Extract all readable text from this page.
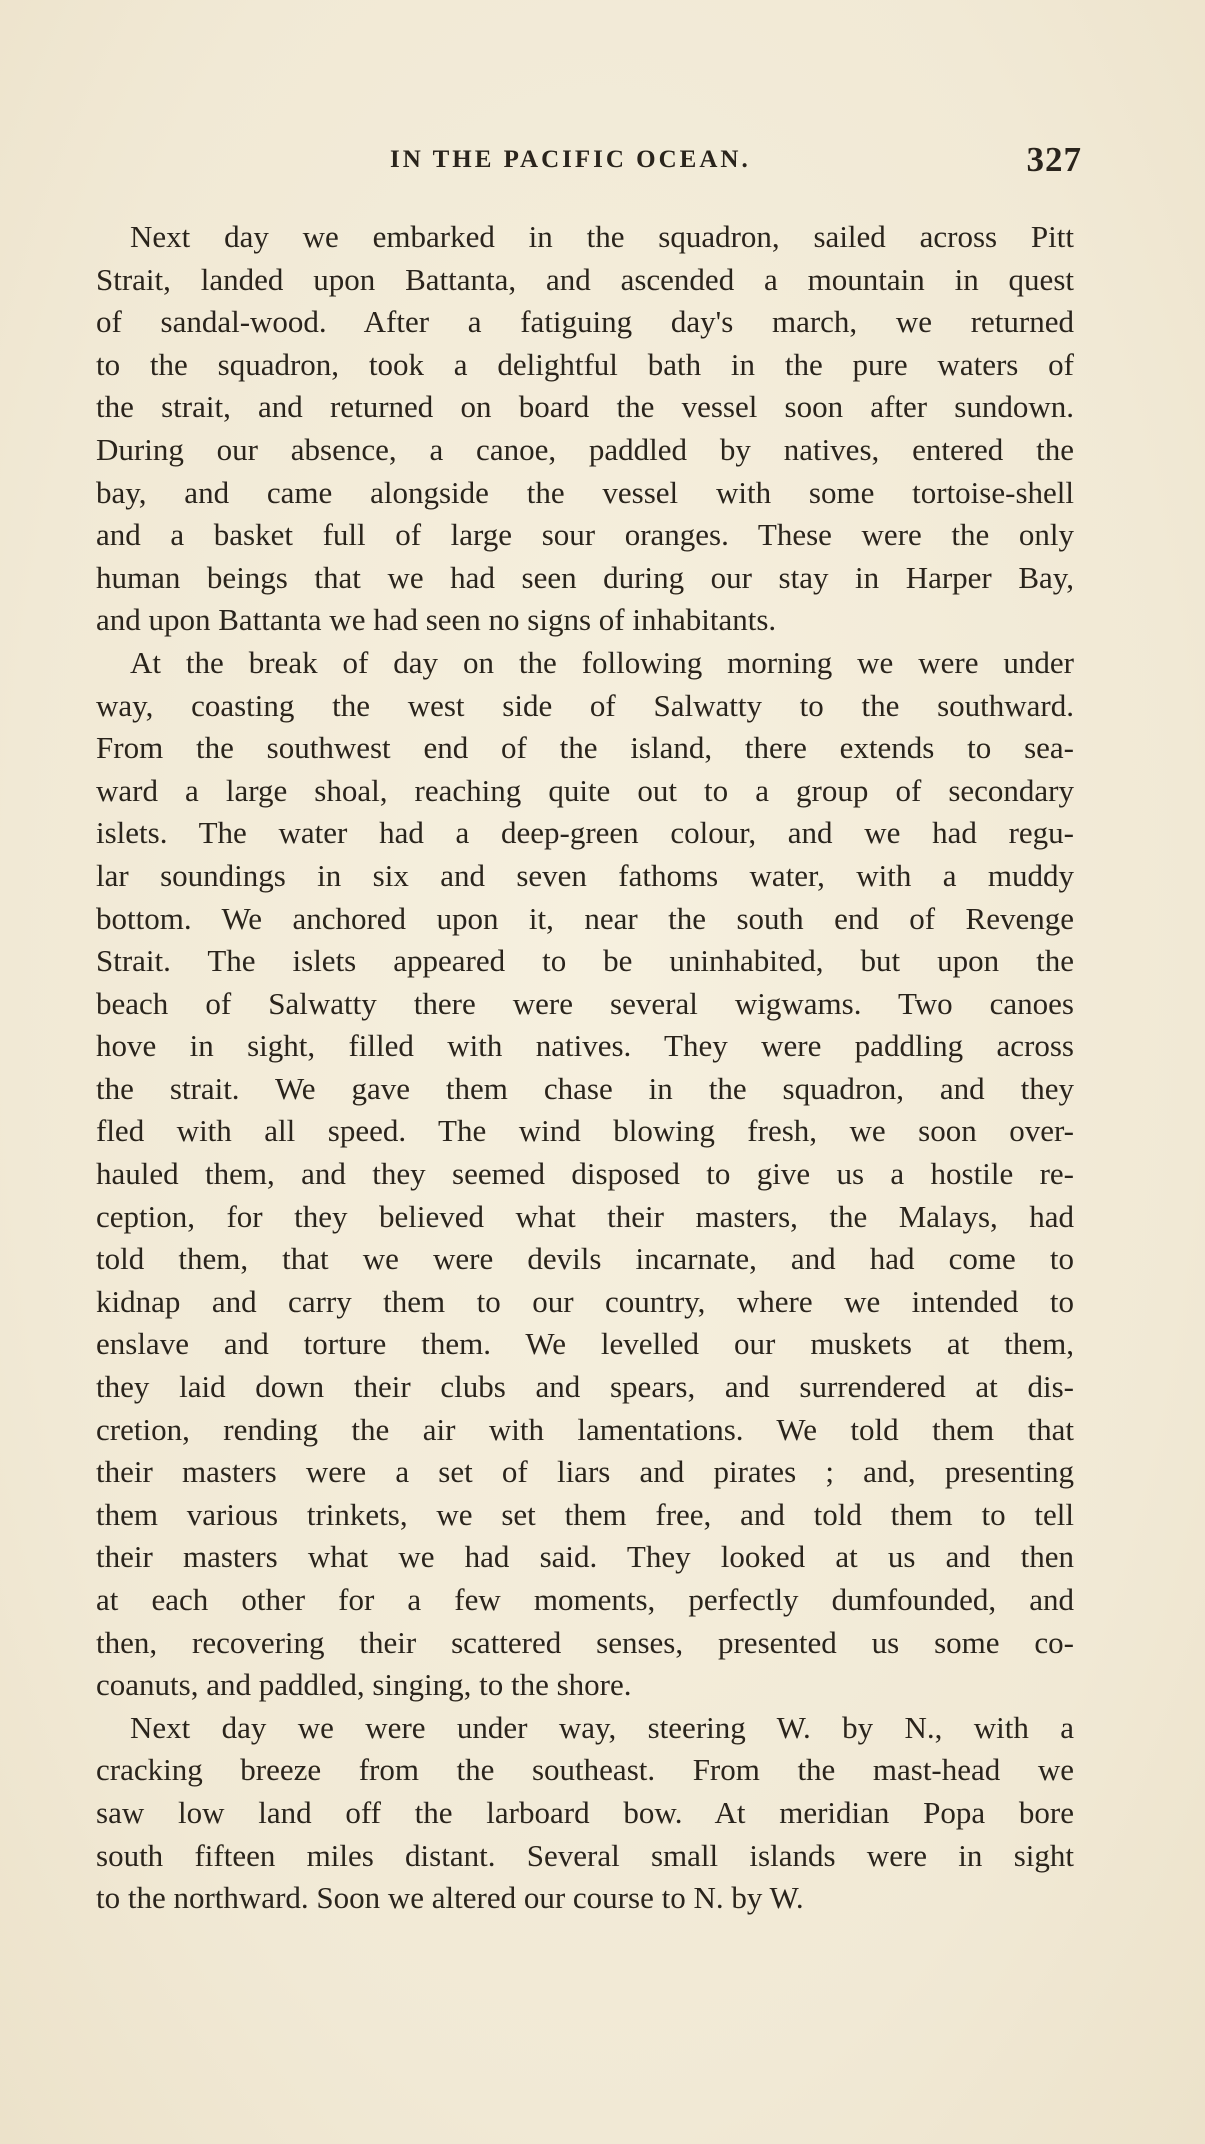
IN THE PACIFIC OCEAN.	327
Next day we embarked in the squadron, sailed across Pitt
Strait, landed upon Battanta, and ascended a mountain in quest
of sandal-wood. After a fatiguing day's march, we returned
to the squadron, took a delightful bath in the pure waters of
the strait, and returned on board the vessel soon after sundown.
During our absence, a canoe, paddled by natives, entered the
bay, and came alongside the vessel with some tortoise-shell
and a basket full of large sour oranges. These were the only
human beings that we had seen during our stay in Harper Bay,
and upon Battanta we had seen no signs of inhabitants.
At the break of day on the following morning we were under
way, coasting the west side of Salwatty to the southward.
From the southwest end of the island, there extends to sea-
ward a large shoal, reaching quite out to a group of secondary
islets. The water had a deep-green colour, and we had regu-
lar soundings in six and seven fathoms water, with a muddy
bottom. We anchored upon it, near the south end of Revenge
Strait. The islets appeared to be uninhabited, but upon the
beach of Salwatty there were several wigwams. Two canoes
hove in sight, filled with natives. They were paddling across
the strait. We gave them chase in the squadron, and they
fled with all speed. The wind blowing fresh, we soon over-
hauled them, and they seemed disposed to give us a hostile re-
ception, for they believed what their masters, the Malays, had
told them, that we were devils incarnate, and had come to
kidnap and carry them to our country, where we intended to
enslave and torture them. We levelled our muskets at them,
they laid down their clubs and spears, and surrendered at dis-
cretion, rending the air with lamentations. We told them that
their masters were a set of liars and pirates ; and, presenting
them various trinkets, we set them free, and told them to tell
their masters what we had said. They looked at us and then
at each other for a few moments, perfectly dumfounded, and
then, recovering their scattered senses, presented us some co-
coanuts, and paddled, singing, to the shore.
Next day we were under way, steering W. by N., with a
cracking breeze from the southeast. From the mast-head we
saw low land off the larboard bow. At meridian Popa bore
south fifteen miles distant. Several small islands were in sight
to the northward. Soon we altered our course to N. by W.
